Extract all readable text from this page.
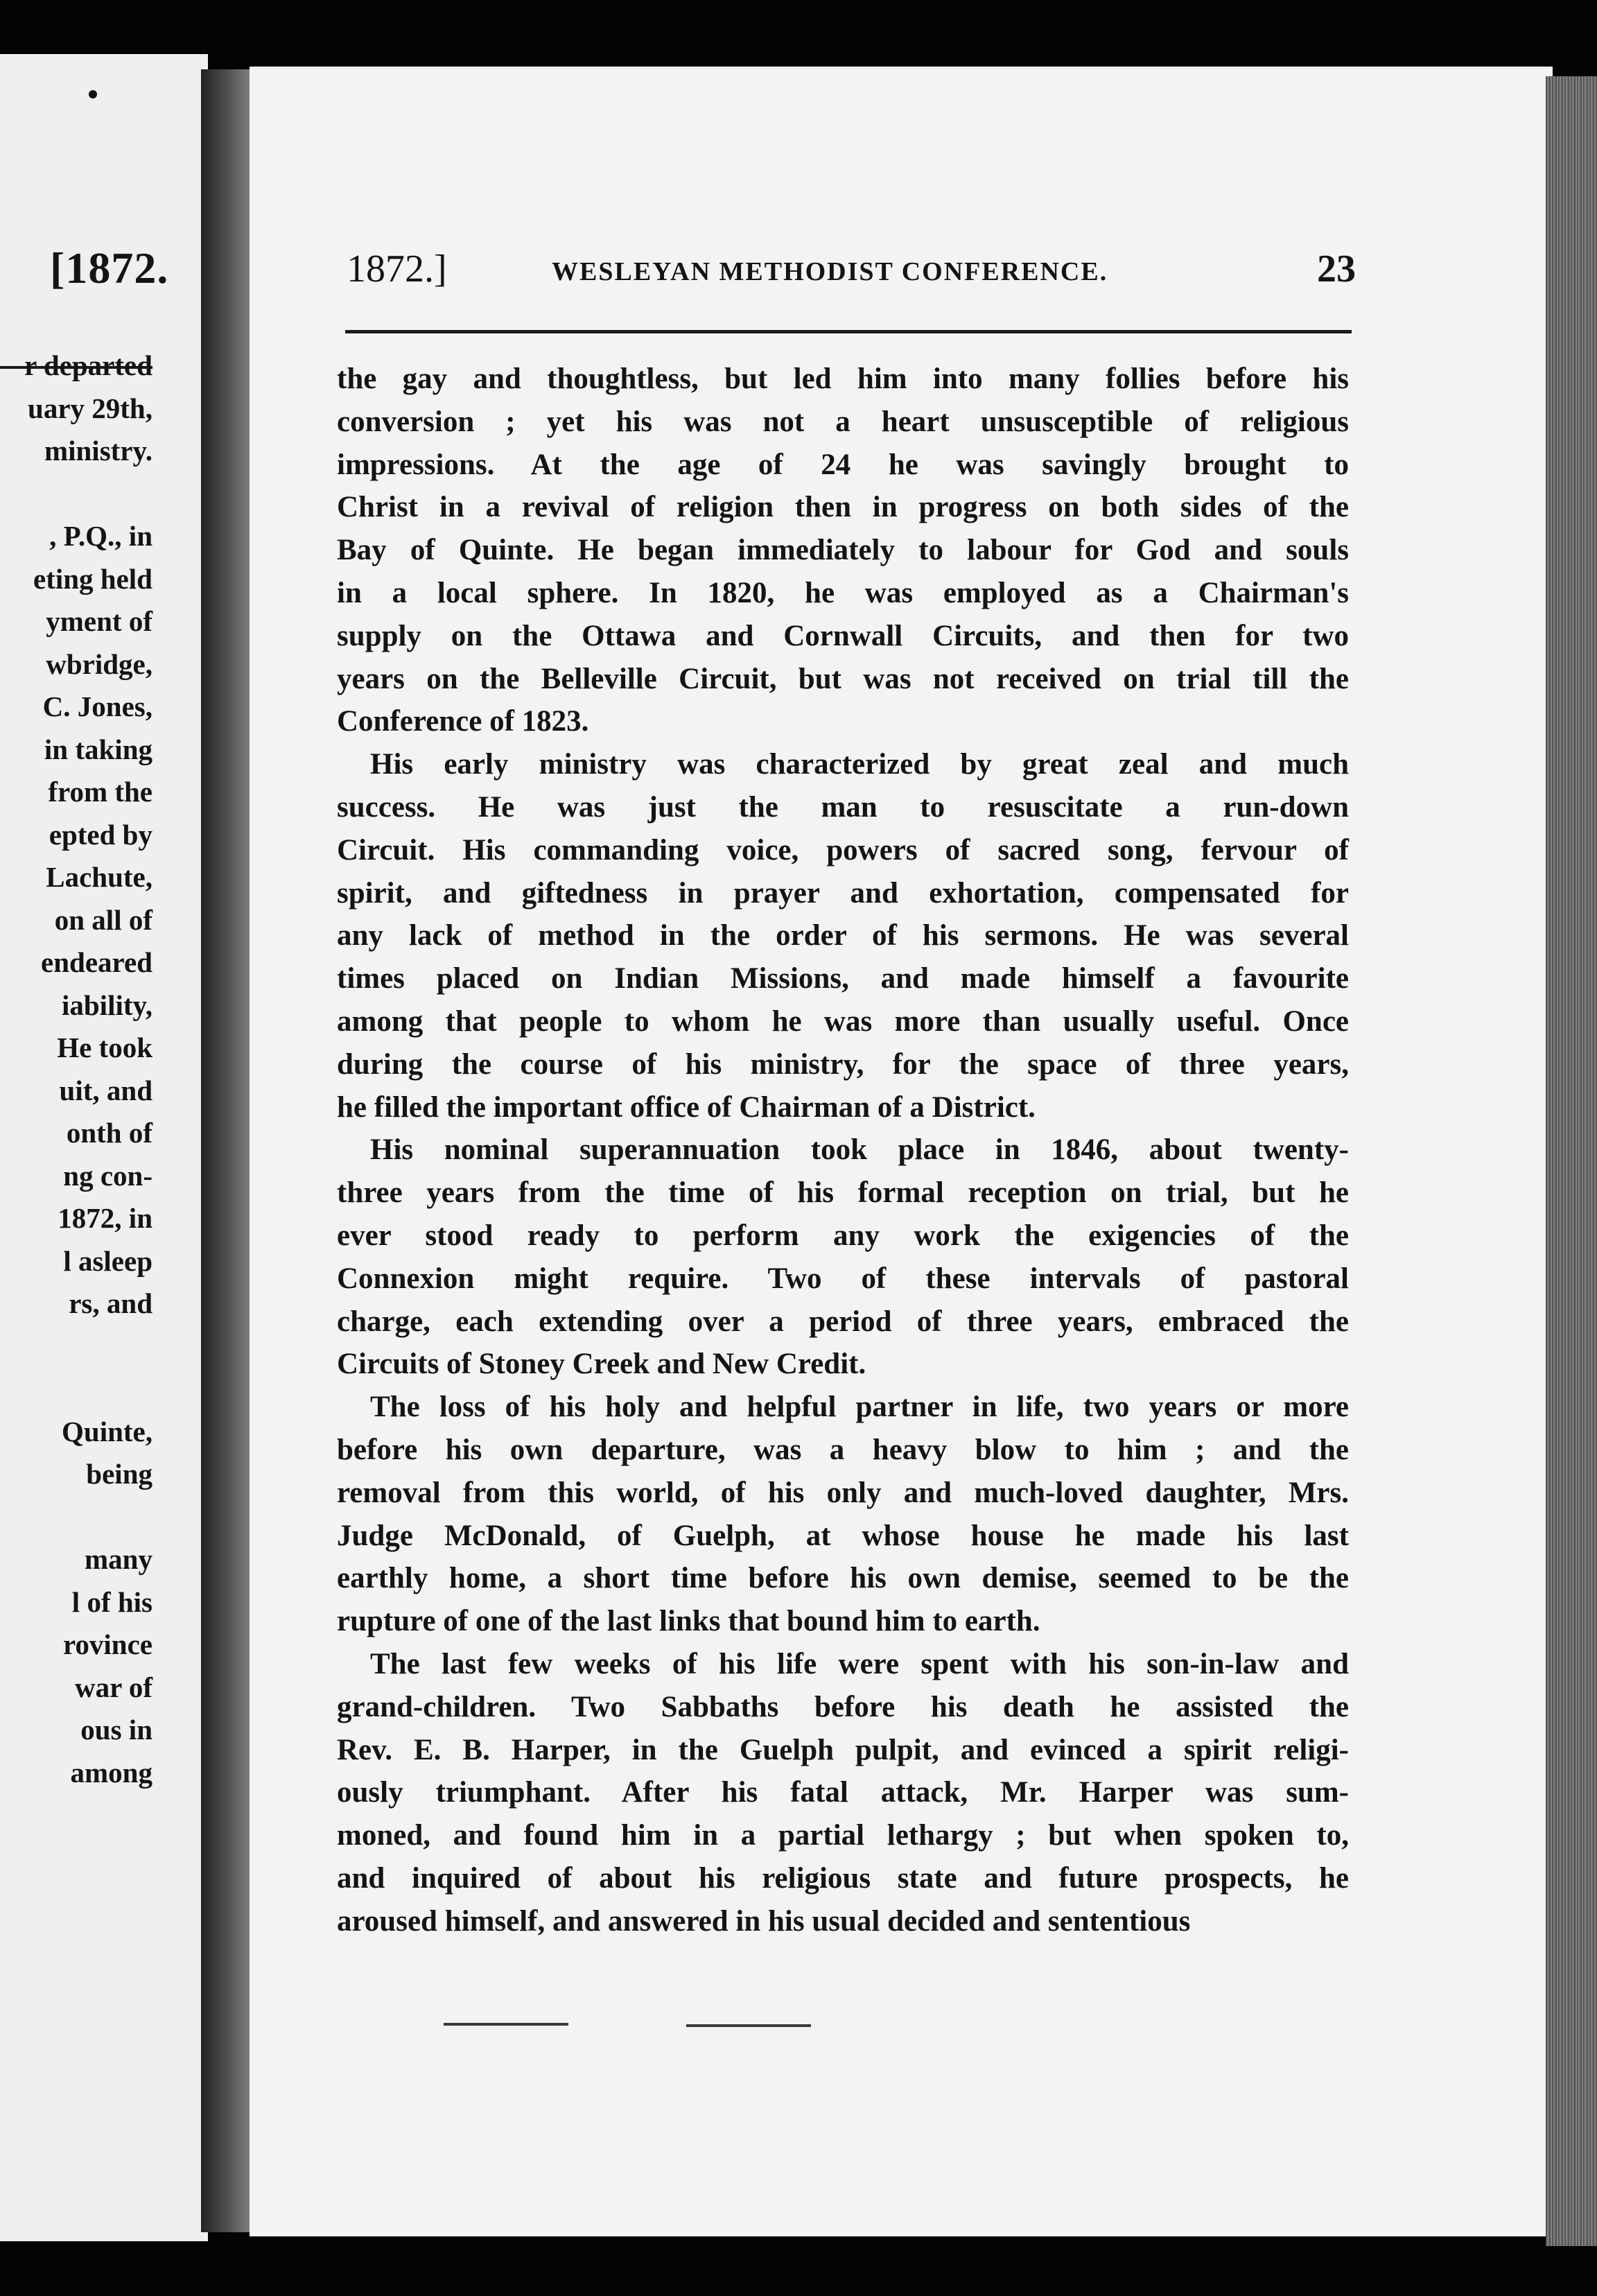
[1872.
r departed
uary 29th,
ministry.
, P.Q., in
eting held
yment of
wbridge,
C. Jones,
in taking
from the
epted by
Lachute,
on all of
endeared
iability,
He took
uit, and
onth of
ng con-
1872, in
l asleep
rs, and
Quinte,
being
many
l of his
rovince
war of
ous in
among
1872.]	WESLEYAN METHODIST CONFERENCE.	23
the gay and thoughtless, but led him into many follies before his
conversion ; yet his was not a heart unsusceptible of religious
impressions. At the age of 24 he was savingly brought to
Christ in a revival of religion then in progress on both sides of the
Bay of Quinte. He began immediately to labour for God and souls
in a local sphere. In 1820, he was employed as a Chairman's
supply on the Ottawa and Cornwall Circuits, and then for two
years on the Belleville Circuit, but was not received on trial till the
Conference of 1823.
His early ministry was characterized by great zeal and much
success. He was just the man to resuscitate a run-down
Circuit. His commanding voice, powers of sacred song, fervour of
spirit, and giftedness in prayer and exhortation, compensated for
any lack of method in the order of his sermons. He was several
times placed on Indian Missions, and made himself a favourite
among that people to whom he was more than usually useful. Once
during the course of his ministry, for the space of three years,
he filled the important office of Chairman of a District.
His nominal superannuation took place in 1846, about twenty-
three years from the time of his formal reception on trial, but he
ever stood ready to perform any work the exigencies of the
Connexion might require. Two of these intervals of pastoral
charge, each extending over a period of three years, embraced the
Circuits of Stoney Creek and New Credit.
The loss of his holy and helpful partner in life, two years or more
before his own departure, was a heavy blow to him ; and the
removal from this world, of his only and much-loved daughter, Mrs.
Judge McDonald, of Guelph, at whose house he made his last
earthly home, a short time before his own demise, seemed to be the
rupture of one of the last links that bound him to earth.
The last few weeks of his life were spent with his son-in-law and
grand-children. Two Sabbaths before his death he assisted the
Rev. E. B. Harper, in the Guelph pulpit, and evinced a spirit religi-
ously triumphant. After his fatal attack, Mr. Harper was sum-
moned, and found him in a partial lethargy ; but when spoken to,
and inquired of about his religious state and future prospects, he
aroused himself, and answered in his usual decided and sententious
